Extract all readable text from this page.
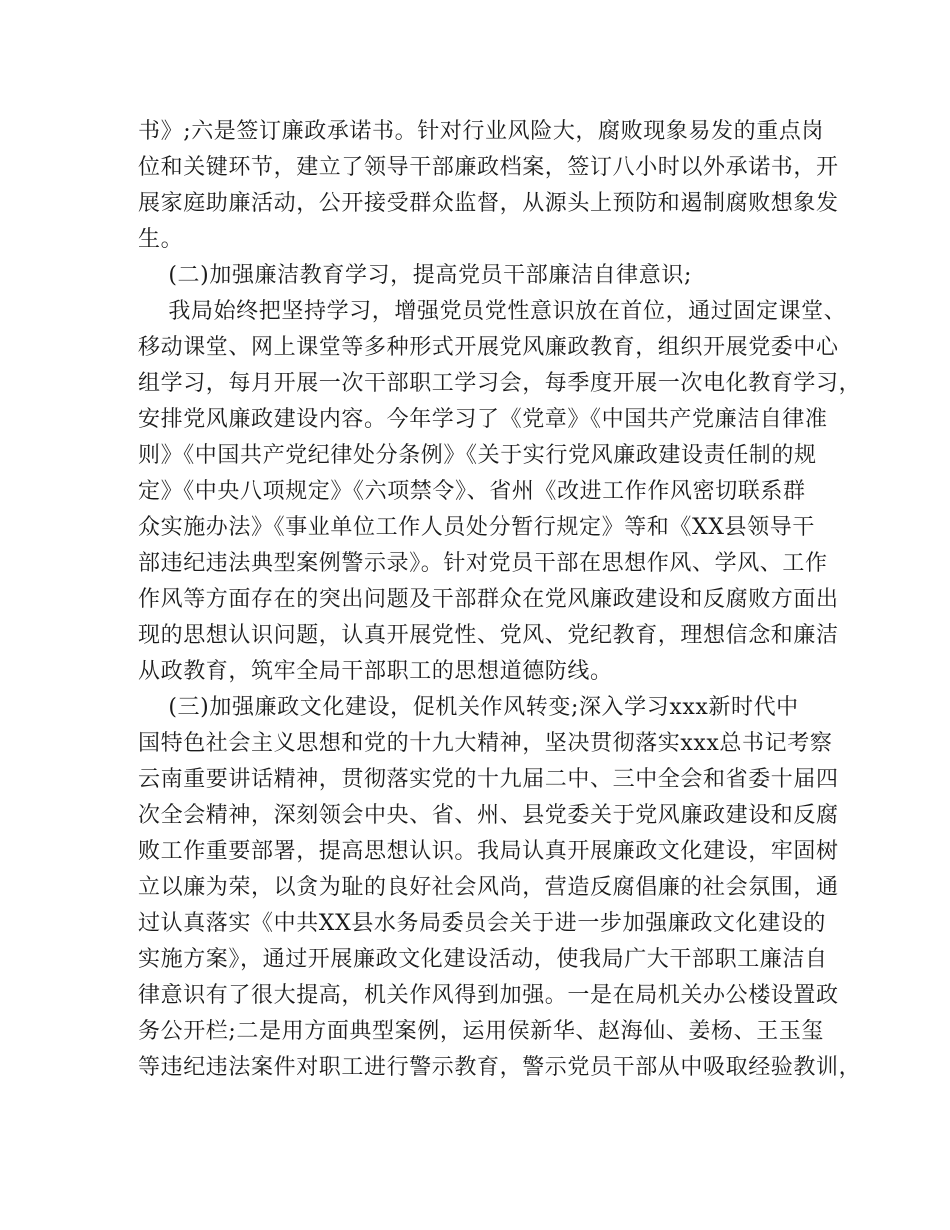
书》;六是签订廉政承诺书。针对行业风险大，腐败现象易发的重点岗
位和关键环节，建立了领导干部廉政档案，签订八小时以外承诺书，开
展家庭助廉活动，公开接受群众监督，从源头上预防和遏制腐败想象发
生。
(二)加强廉洁教育学习，提高党员干部廉洁自律意识;
我局始终把坚持学习，增强党员党性意识放在首位，通过固定课堂、
移动课堂、网上课堂等多种形式开展党风廉政教育，组织开展党委中心
组学习，每月开展一次干部职工学习会，每季度开展一次电化教育学习，
安排党风廉政建设内容。今年学习了《党章》《中国共产党廉洁自律准
则》《中国共产党纪律处分条例》《关于实行党风廉政建设责任制的规
定》《中央八项规定》《六项禁令》、省州《改进工作作风密切联系群
众实施办法》《事业单位工作人员处分暂行规定》等和《XX县领导干
部违纪违法典型案例警示录》。针对党员干部在思想作风、学风、工作
作风等方面存在的突出问题及干部群众在党风廉政建设和反腐败方面出
现的思想认识问题，认真开展党性、党风、党纪教育，理想信念和廉洁
从政教育，筑牢全局干部职工的思想道德防线。
(三)加强廉政文化建设，促机关作风转变;深入学习xxx新时代中
国特色社会主义思想和党的十九大精神，坚决贯彻落实xxx总书记考察
云南重要讲话精神，贯彻落实党的十九届二中、三中全会和省委十届四
次全会精神，深刻领会中央、省、州、县党委关于党风廉政建设和反腐
败工作重要部署，提高思想认识。我局认真开展廉政文化建设，牢固树
立以廉为荣，以贪为耻的良好社会风尚，营造反腐倡廉的社会氛围，通
过认真落实《中共XX县水务局委员会关于进一步加强廉政文化建设的
实施方案》，通过开展廉政文化建设活动，使我局广大干部职工廉洁自
律意识有了很大提高，机关作风得到加强。一是在局机关办公楼设置政
务公开栏;二是用方面典型案例，运用侯新华、赵海仙、姜杨、王玉玺
等违纪违法案件对职工进行警示教育，警示党员干部从中吸取经验教训，
